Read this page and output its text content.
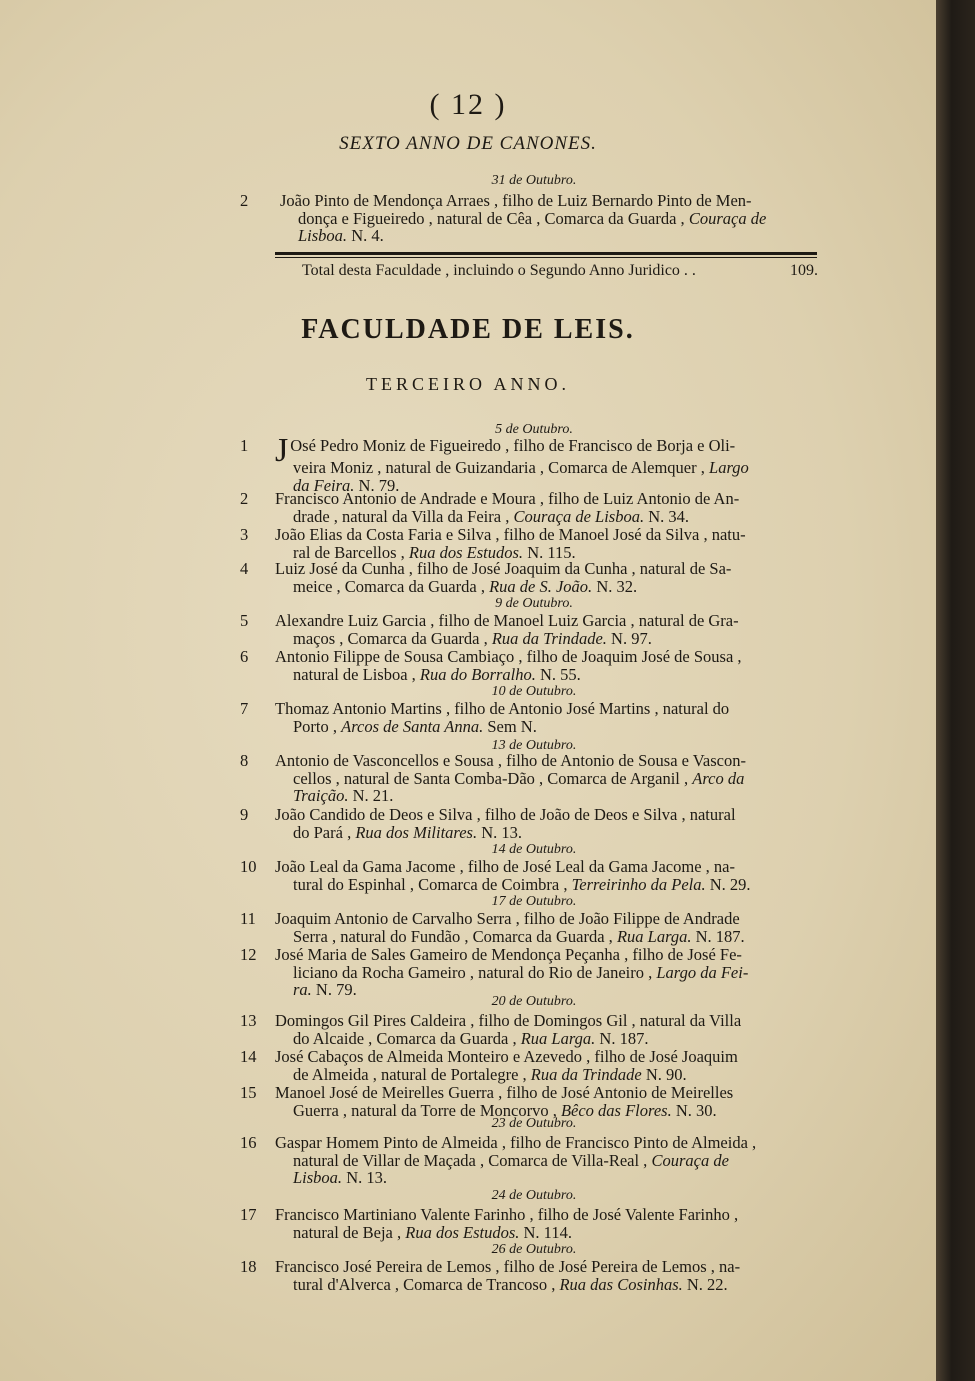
( 12 )
SEXTO ANNO DE CANONES.
31 de Outubro.
2	João Pinto de Mendonça Arraes , filho de Luiz Bernardo Pinto de Men-
donça e Figueiredo , natural de Cêa , Comarca da Guarda , Couraça de
Lisboa. N. 4.
Total desta Faculdade , incluindo o Segundo Anno Juridico . .	109.
FACULDADE DE LEIS.
TERCEIRO ANNO.
5 de Outubro.
9 de Outubro.
10 de Outubro.
13 de Outubro.
14 de Outubro.
17 de Outubro.
20 de Outubro.
23 de Outubro.
24 de Outubro.
26 de Outubro.
1 J Osé Pedro Moniz de Figueiredo , filho de Francisco de Borja e Oli-
veira Moniz , natural de Guizandaria , Comarca de Alemquer , Largo
da Feira. N. 79.
2	Francisco Antonio de Andrade e Moura , filho de Luiz Antonio de An-
drade , natural da Villa da Feira , Couraça de Lisboa. N. 34.
3	João Elias da Costa Faria e Silva , filho de Manoel José da Silva , natu-
ral de Barcellos , Rua dos Estudos. N. 115.
4	Luiz José da Cunha , filho de José Joaquim da Cunha , natural de Sa-
meice , Comarca da Guarda , Rua de S. João. N. 32.
5	Alexandre Luiz Garcia , filho de Manoel Luiz Garcia , natural de Gra-
maços , Comarca da Guarda , Rua da Trindade. N. 97.
6	Antonio Filippe de Sousa Cambiaço , filho de Joaquim José de Sousa ,
natural de Lisboa , Rua do Borralho. N. 55.
7	Thomaz Antonio Martins , filho de Antonio José Martins , natural do
Porto , Arcos de Santa Anna. Sem N.
8	Antonio de Vasconcellos e Sousa , filho de Antonio de Sousa e Vascon-
cellos , natural de Santa Comba-Dão , Comarca de Arganil , Arco da
Traição. N. 21.
9	João Candido de Deos e Silva , filho de João de Deos e Silva , natural
do Pará , Rua dos Militares. N. 13.
10	João Leal da Gama Jacome , filho de José Leal da Gama Jacome , na-
tural do Espinhal , Comarca de Coimbra , Terreirinho da Pela. N. 29.
11	Joaquim Antonio de Carvalho Serra , filho de João Filippe de Andrade
Serra , natural do Fundão , Comarca da Guarda , Rua Larga. N. 187.
12	José Maria de Sales Gameiro de Mendonça Peçanha , filho de José Fe-
liciano da Rocha Gameiro , natural do Rio de Janeiro , Largo da Fei-
ra. N. 79.
13	Domingos Gil Pires Caldeira , filho de Domingos Gil , natural da Villa
do Alcaide , Comarca da Guarda , Rua Larga. N. 187.
14	José Cabaços de Almeida Monteiro e Azevedo , filho de José Joaquim
de Almeida , natural de Portalegre , Rua da Trindade N. 90.
15	Manoel José de Meirelles Guerra , filho de José Antonio de Meirelles
Guerra , natural da Torre de Moncorvo , Bêco das Flores. N. 30.
16	Gaspar Homem Pinto de Almeida , filho de Francisco Pinto de Almeida ,
natural de Villar de Maçada , Comarca de Villa-Real , Couraça de
Lisboa. N. 13.
17	Francisco Martiniano Valente Farinho , filho de José Valente Farinho ,
natural de Beja , Rua dos Estudos. N. 114.
18	Francisco José Pereira de Lemos , filho de José Pereira de Lemos , na-
tural d'Alverca , Comarca de Trancoso , Rua das Cosinhas. N. 22.
